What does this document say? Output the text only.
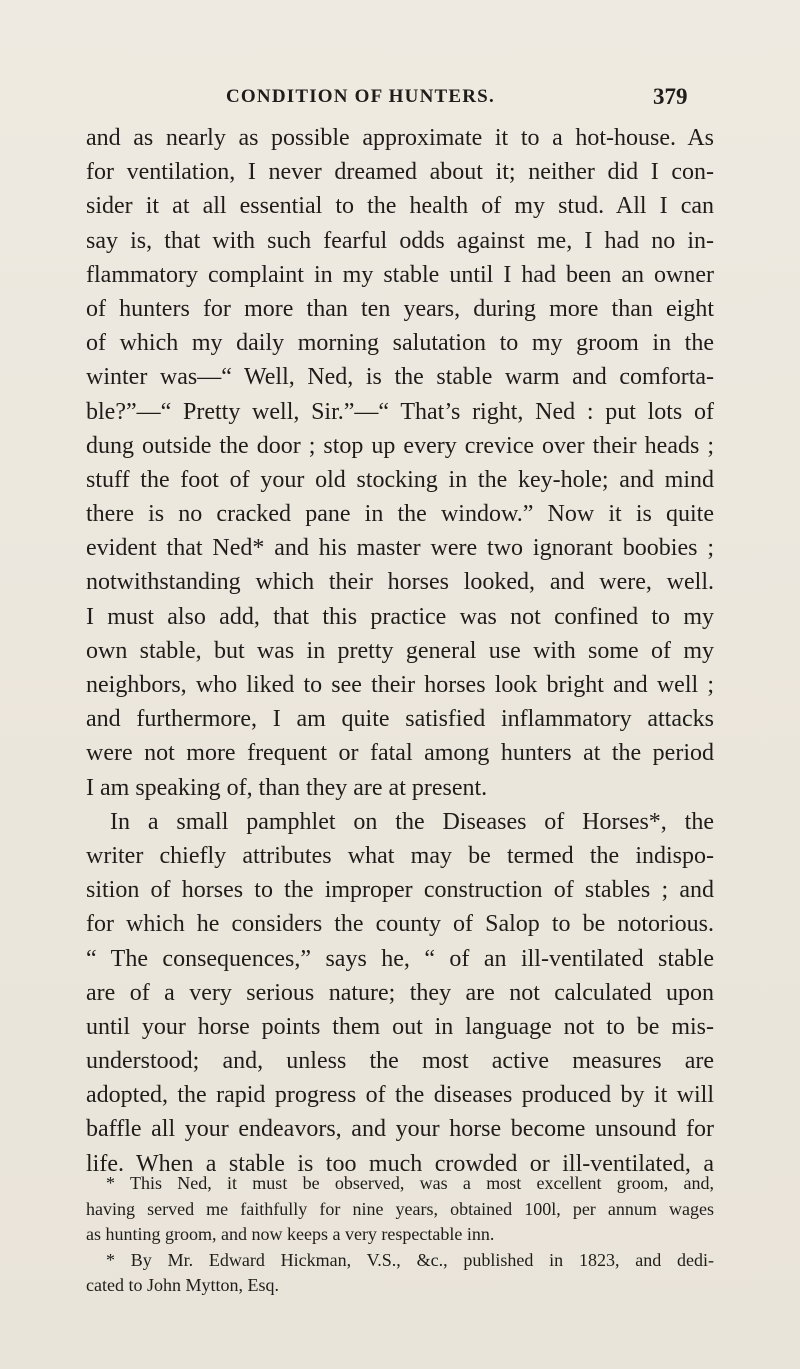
CONDITION OF HUNTERS.	379
and as nearly as possible approximate it to a hot-house. As
for ventilation, I never dreamed about it; neither did I con-
sider it at all essential to the health of my stud. All I can
say is, that with such fearful odds against me, I had no in-
flammatory complaint in my stable until I had been an owner
of hunters for more than ten years, during more than eight
of which my daily morning salutation to my groom in the
winter was—“ Well, Ned, is the stable warm and comforta-
ble?”—“ Pretty well, Sir.”—“ That’s right, Ned : put lots of
dung outside the door ; stop up every crevice over their heads ;
stuff the foot of your old stocking in the key-hole; and mind
there is no cracked pane in the window.” Now it is quite
evident that Ned* and his master were two ignorant boobies ;
notwithstanding which their horses looked, and were, well.
I must also add, that this practice was not confined to my
own stable, but was in pretty general use with some of my
neighbors, who liked to see their horses look bright and well ;
and furthermore, I am quite satisfied inflammatory attacks
were not more frequent or fatal among hunters at the period
I am speaking of, than they are at present.
In a small pamphlet on the Diseases of Horses*, the
writer chiefly attributes what may be termed the indispo-
sition of horses to the improper construction of stables ; and
for which he considers the county of Salop to be notorious.
“ The consequences,” says he, “ of an ill-ventilated stable
are of a very serious nature; they are not calculated upon
until your horse points them out in language not to be mis-
understood; and, unless the most active measures are
adopted, the rapid progress of the diseases produced by it will
baffle all your endeavors, and your horse become unsound for
life. When a stable is too much crowded or ill-ventilated, a
* This Ned, it must be observed, was a most excellent groom, and,
having served me faithfully for nine years, obtained 100l, per annum wages
as hunting groom, and now keeps a very respectable inn.
* By Mr. Edward Hickman, V.S., &c., published in 1823, and dedi-
cated to John Mytton, Esq.
